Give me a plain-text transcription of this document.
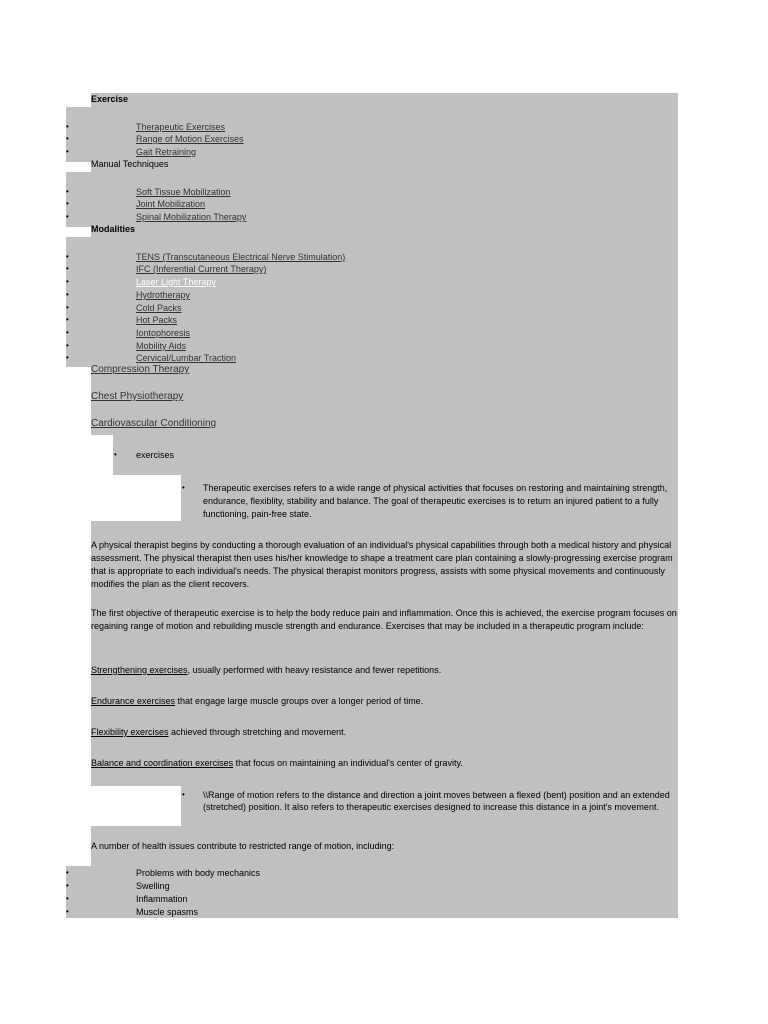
Exercise
•	Therapeutic Exercises
•	Range of Motion Exercises
•	Gait Retraining
Manual Techniques
•	Soft Tissue Mobilization
•	Joint Mobilization
•	Spinal Mobilization Therapy
Modalities
•	TENS (Transcutaneous Electrical Nerve Stimulation)
•	IFC (Inferential Current Therapy)
•	Laser Light Therapy
•	Hydrotherapy
•	Cold Packs
•	Hot Packs
•	Iontophoresis
•	Mobility Aids
•	Cervical/Lumbar Traction
Compression Therapy
Chest Physiotherapy
Cardiovascular Conditioning
• exercises
• Therapeutic exercises refers to a wide range of physical activities that focuses on restoring and maintaining strength, endurance, flexiblity, stability and balance. The goal of therapeutic exercises is to return an injured patient to a fully functioning, pain-free state.
A physical therapist begins by conducting a thorough evaluation of an individual's physical capabilities through both a medical history and physical assessment. The physical therapist then uses his/her knowledge to shape a treatment care plan containing a slowly-progressing exercise program that is appropriate to each individual's needs. The physical therapist monitors progress, assists with some physical movements and continuously modifies the plan as the client recovers.
The first objective of therapeutic exercise is to help the body reduce pain and inflammation. Once this is achieved, the exercise program focuses on regaining range of motion and rebuilding muscle strength and endurance. Exercises that may be included in a therapeutic program include:
Strengthening exercises, usually performed with heavy resistance and fewer repetitions.
Endurance exercises that engage large muscle groups over a longer period of time.
Flexibility exercises achieved through stretching and movement.
Balance and coordination exercises that focus on maintaining an individual's center of gravity.
• \\Range of motion refers to the distance and direction a joint moves between a flexed (bent) position and an extended (stretched) position. It also refers to therapeutic exercises designed to increase this distance in a joint's movement.
A number of health issues contribute to restricted range of motion, including:
•	Problems with body mechanics
•	Swelling
•	Inflammation
•	Muscle spasms
